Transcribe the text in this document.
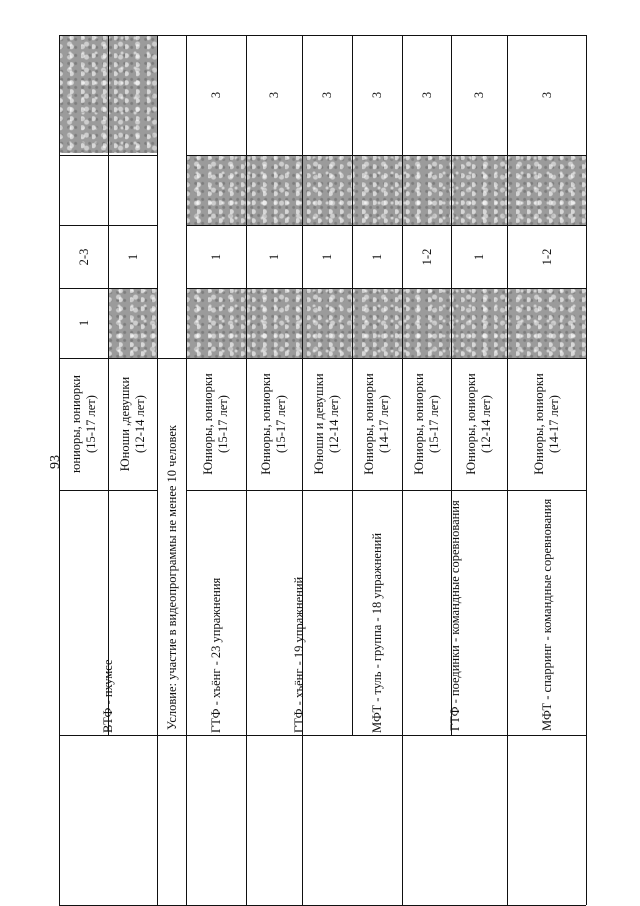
93
ВТФ - пхумсе
юниоры, юниорки
(15-17 лет)
Юноши ,девушки
(12-14 лет)
1
2-3	1
Условие: участие в видеопрограммы не менее 10 человек ГТФ - хъёнг - 23 упражнения
Юниоры, юниорки
(15-17 лет)
1
3
ГТФ - хъёнг - 19 упражнений
Юниоры, юниорки
(15-17 лет)
1
3
Юноши и девушки
(12-14 лет)
1
3
МФТ - туль - группа - 18 упражнений
Юниоры, юниорки
(14-17 лет)
1
3
ГТФ - поединки - командные соревнования
Юниоры, юниорки
(15-17 лет)
1-2
3
Юниоры, юниорки
(12-14 лет)
1
3
МФТ - спарринг - командные соревнования
Юниоры, юниорки
(14-17 лет)
1-2
3
